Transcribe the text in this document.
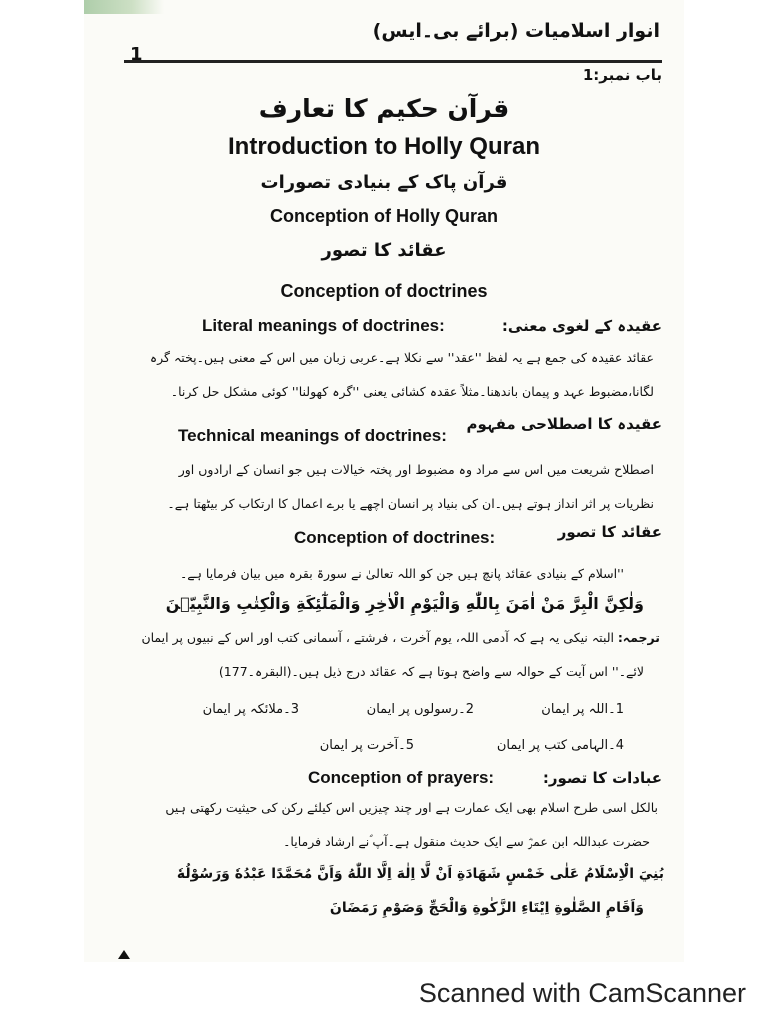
انوار اسلامیات (برائے بی۔ایس)
1
باب نمبر:1
قرآن حکیم کا تعارف
Introduction to Holly Quran
قرآن پاک کے بنیادی تصورات
Conception of Holly Quran
عقائد کا تصور
Conception of doctrines
Literal meanings of doctrines:	عقیدہ کے لغوی معنی:
عقائد عقیدہ کی جمع ہے یہ لفظ ''عقد'' سے نکلا ہے۔عربی زبان میں اس کے معنی ہیں۔پختہ گرہ
لگانا،مضبوط عہد و پیمان باندھنا۔مثلاً عقدہ کشائی یعنی ''گرہ کھولنا'' کوئی مشکل حل کرنا۔
Technical meanings of doctrines:
عقیدہ کا اصطلاحی مفہوم
اصطلاح شریعت میں اس سے مراد وہ مضبوط اور پختہ خیالات ہیں جو انسان کے ارادوں اور
نظریات پر اثر انداز ہوتے ہیں۔ان کی بنیاد پر انسان اچھے یا برے اعمال کا ارتکاب کر بیٹھتا ہے۔
Conception of doctrines:	عقائد کا تصور
''اسلام کے بنیادی عقائد پانچ ہیں جن کو اللہ تعالیٰ نے سورۃ بقرہ میں بیان فرمایا ہے۔
وَلٰكِنَّ الْبِرَّ مَنْ اٰمَنَ بِاللّٰهِ وَالْيَوْمِ الْاٰخِرِ وَالْمَلٰٓئِكَةِ وَالْكِتٰبِ وَالنَّبِيّٖنَ
ترجمہ:
البتہ نیکی یہ ہے کہ آدمی اللہ، یوم آخرت ، فرشتے ، آسمانی کتب اور اس کے نبیوں پر ایمان
لائے۔'' اس آیت کے حوالہ سے واضح ہوتا ہے کہ عقائد درج ذیل ہیں۔(البقرہ۔177)
1۔اللہ پر ایمان
2۔رسولوں پر ایمان
3۔ملائکہ پر ایمان
4۔الہامی کتب پر ایمان
5۔آخرت پر ایمان
Conception of prayers:	عبادات کا تصور:
بالکل اسی طرح اسلام بھی ایک عمارت ہے اور چند چیزیں اس کیلئے رکن کی حیثیت رکھتی ہیں
حضرت عبداللہ ابن عمرؓ سے ایک حدیث منقول ہے۔آپ ؐنے ارشاد فرمایا۔
بُنِيَ الْاِسْلَامُ عَلٰى خَمْسٍ شَهَادَةِ اَنْ لَّا اِلٰهَ اِلَّا اللّٰهُ وَاَنَّ مُحَمَّدًا عَبْدُهٗ وَرَسُوْلُهٗ
وَاَقَامِ الصَّلٰوةِ اِيْتَاءِ الزَّكٰوةِ وَالْحَجِّ وَصَوْمِ رَمَضَانَ
Scanned with CamScanner
